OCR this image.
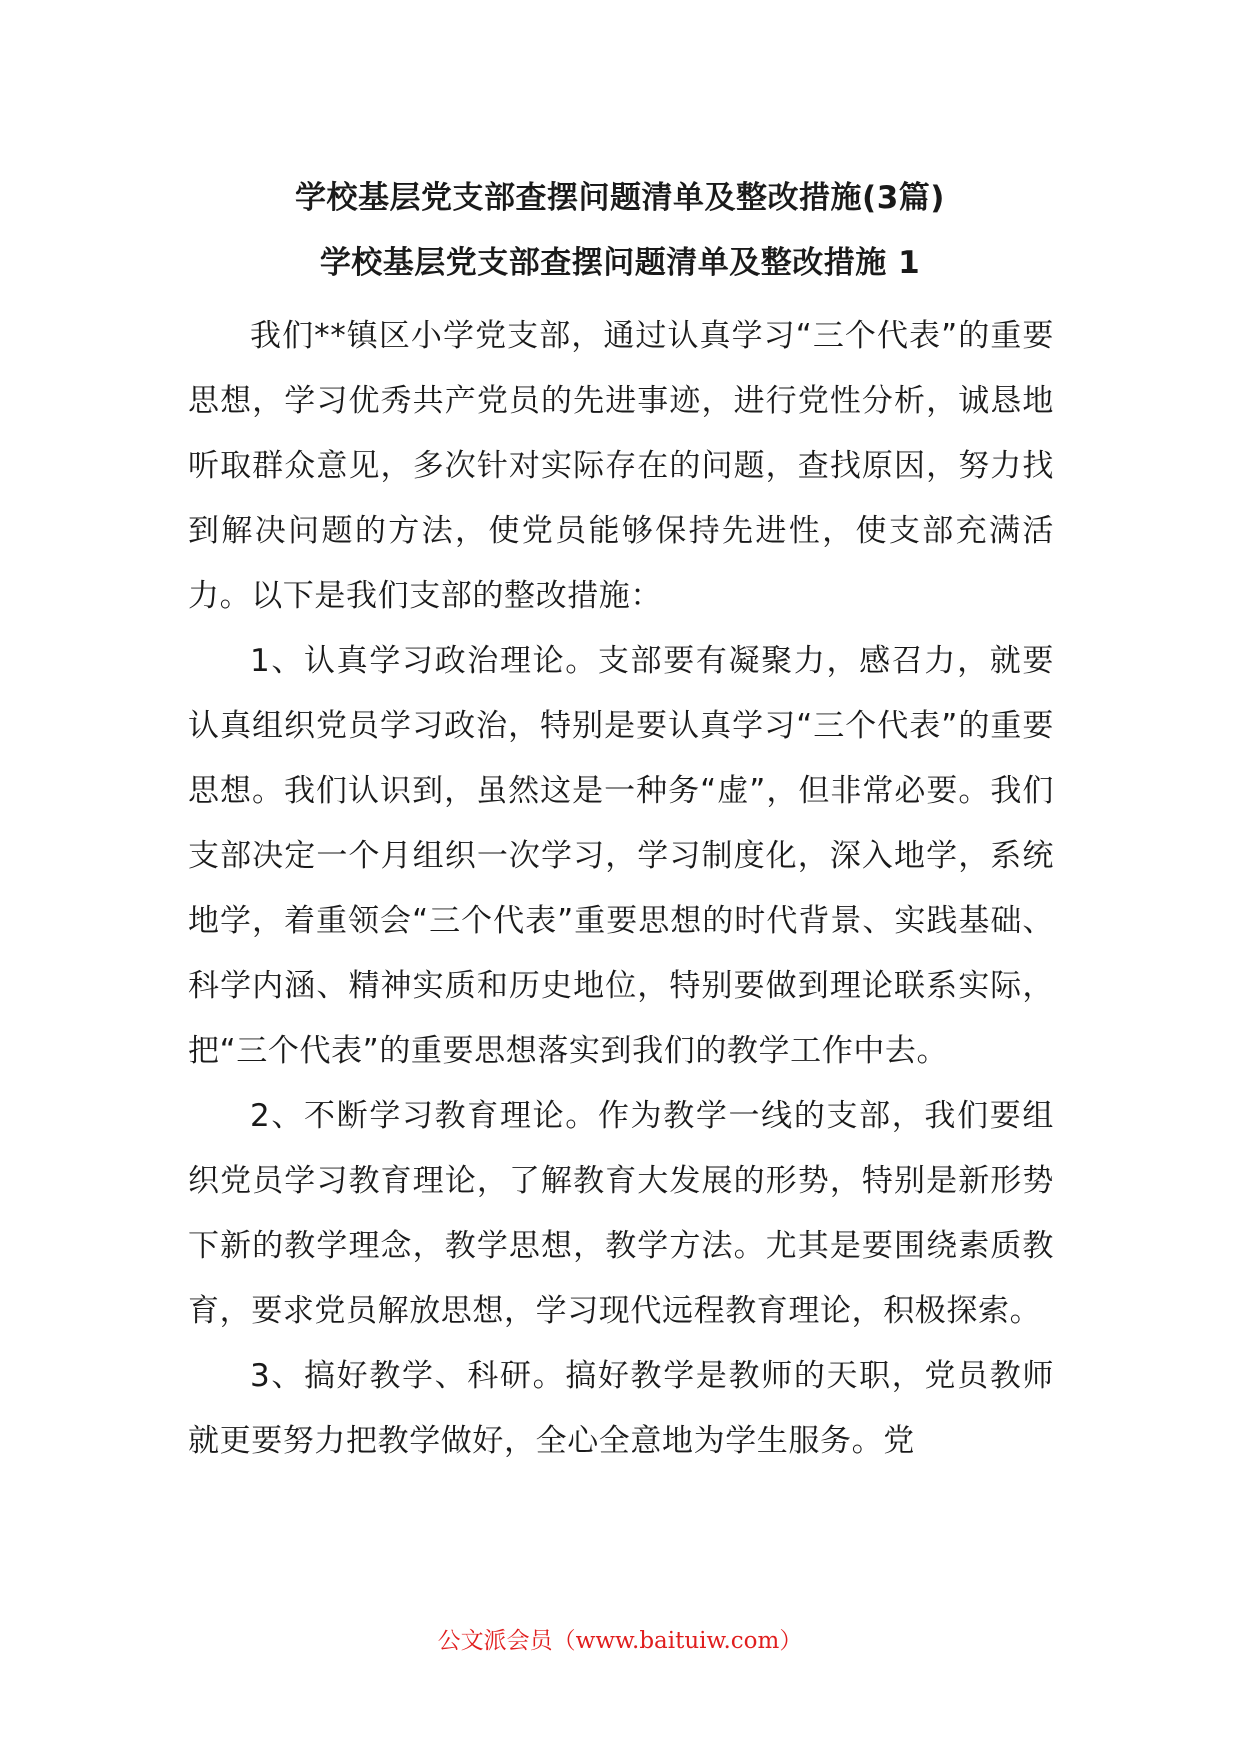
学校基层党支部查摆问题清单及整改措施(3篇)
学校基层党支部查摆问题清单及整改措施 1

我们**镇区小学党支部，通过认真学习“三个代表”的重要思想，学习优秀共产党员的先进事迹，进行党性分析，诚恳地听取群众意见，多次针对实际存在的问题，查找原因，努力找到解决问题的方法，使党员能够保持先进性，使支部充满活力。以下是我们支部的整改措施：

1、认真学习政治理论。支部要有凝聚力，感召力，就要认真组织党员学习政治，特别是要认真学习“三个代表”的重要思想。我们认识到，虽然这是一种务“虚”，但非常必要。我们支部决定一个月组织一次学习，学习制度化，深入地学，系统地学，着重领会“三个代表”重要思想的时代背景、实践基础、科学内涵、精神实质和历史地位，特别要做到理论联系实际，把“三个代表”的重要思想落实到我们的教学工作中去。

2、不断学习教育理论。作为教学一线的支部，我们要组织党员学习教育理论，了解教育大发展的形势，特别是新形势下新的教学理念，教学思想，教学方法。尤其是要围绕素质教育，要求党员解放思想，学习现代远程教育理论，积极探索。

3、搞好教学、科研。搞好教学是教师的天职，党员教师就更要努力把教学做好，全心全意地为学生服务。党

公文派会员（www.baituiw.com）
